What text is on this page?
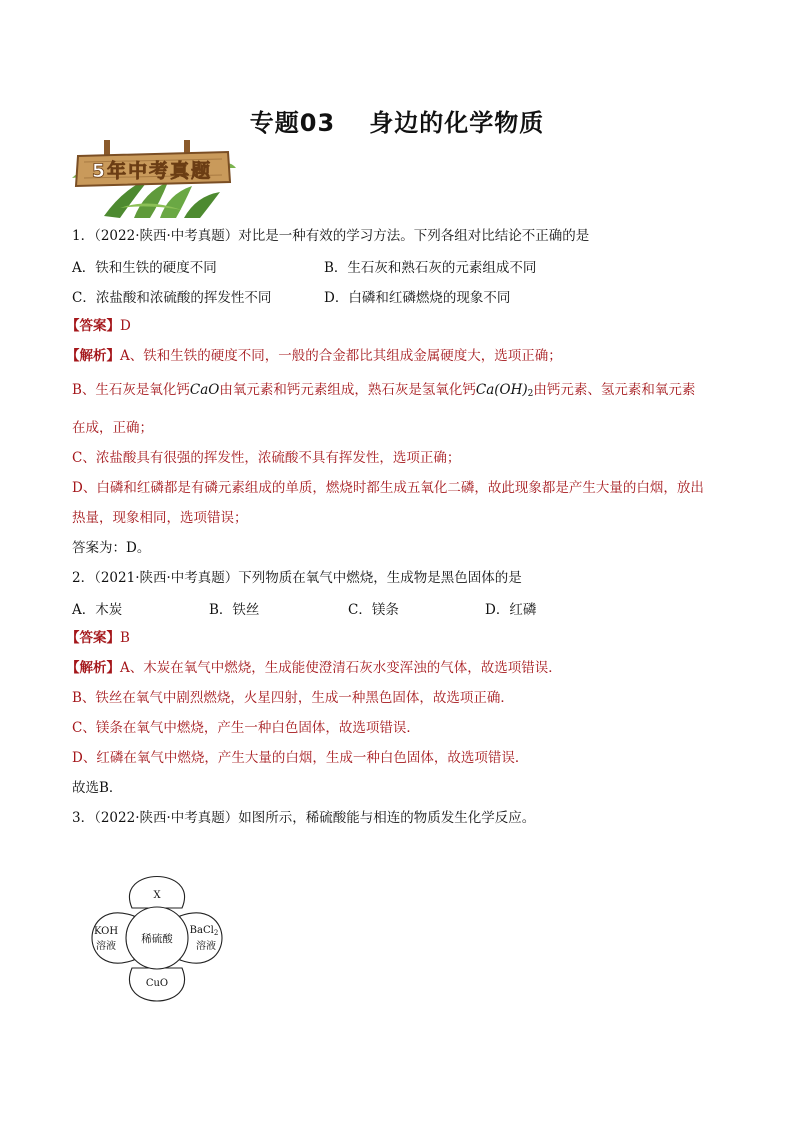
专题03 身边的化学物质
5年中考真题

1．（2022·陕西·中考真题）对比是一种有效的学习方法。下列各组对比结论不正确的是

A．铁和生铁的硬度不同	B．生石灰和熟石灰的元素组成不同
C．浓盐酸和浓硫酸的挥发性不同	D．白磷和红磷燃烧的现象不同

【答案】D

【解析】A、铁和生铁的硬度不同，一般的合金都比其组成金属硬度大，选项正确；

B、生石灰是氧化钙CaO由氧元素和钙元素组成，熟石灰是氢氧化钙$Ca(OH)_2$由钙元素、氢元素和氧元素

在成，正确；

C、浓盐酸具有很强的挥发性，浓硫酸不具有挥发性，选项正确；

D、白磷和红磷都是有磷元素组成的单质，燃烧时都生成五氧化二磷，故此现象都是产生大量的白烟，放出

热量，现象相同，选项错误；

答案为：D。

2．（2021·陕西·中考真题）下列物质在氧气中燃烧，生成物是黑色固体的是

A．木炭	B．铁丝	C．镁条	D．红磷

【答案】B

【解析】A、木炭在氧气中燃烧，生成能使澄清石灰水变浑浊的气体，故选项错误．

B、铁丝在氧气中剧烈燃烧，火星四射，生成一种黑色固体，故选项正确．

C、镁条在氧气中燃烧，产生一种白色固体，故选项错误．

D、红磷在氧气中燃烧，产生大量的白烟，生成一种白色固体，故选项错误．

故选B．

3．（2022·陕西·中考真题）如图所示，稀硫酸能与相连的物质发生化学反应。

稀硫酸
X
KOH
溶液
BaCl$_2$
溶液
CuO
